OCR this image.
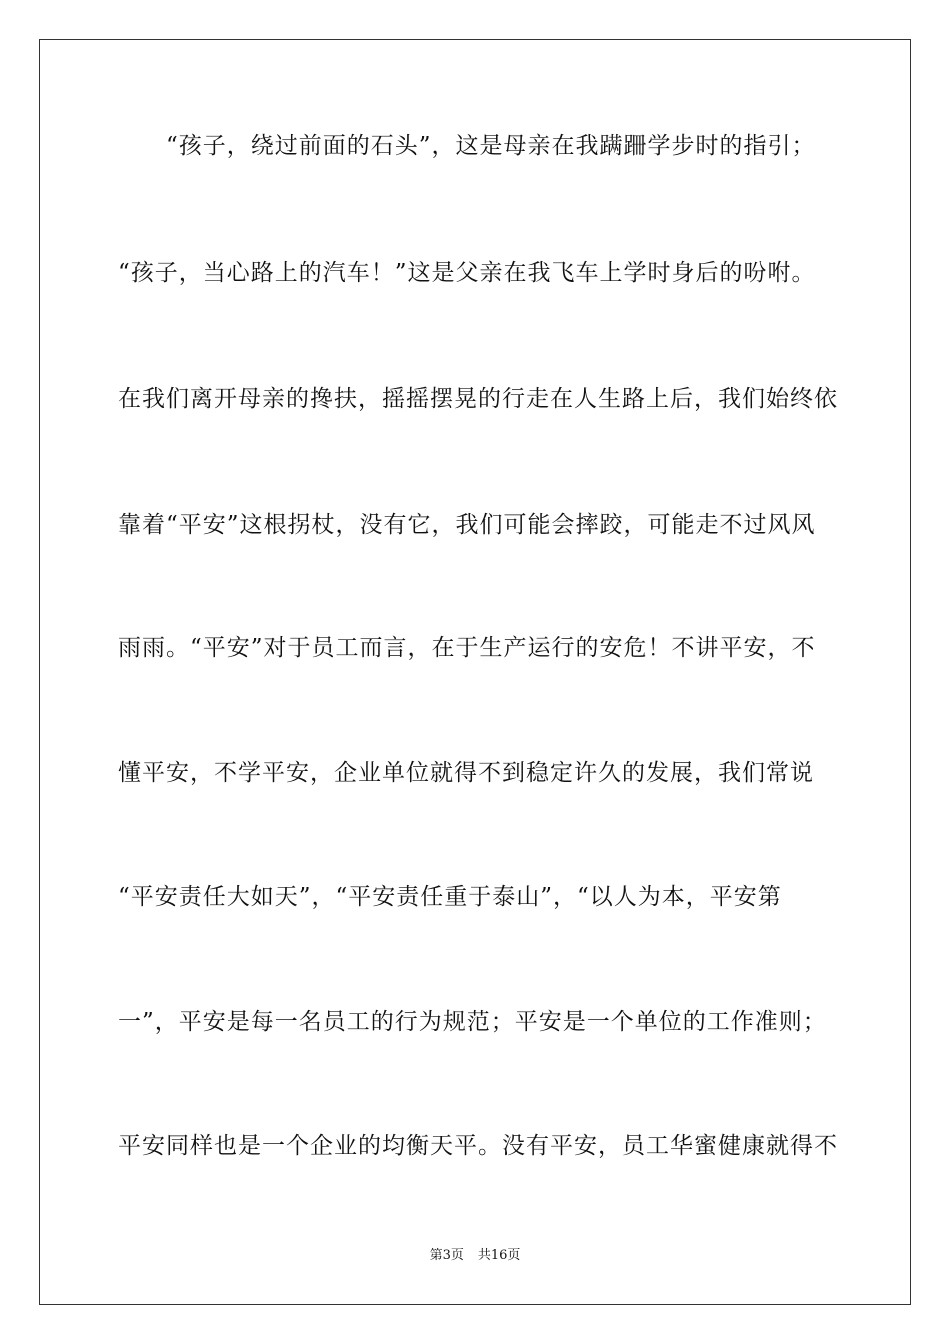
“孩子，绕过前面的石头”，这是母亲在我蹒跚学步时的指引；
“孩子，当心路上的汽车！”这是父亲在我飞车上学时身后的吩咐。
在我们离开母亲的搀扶，摇摇摆晃的行走在人生路上后，我们始终依
靠着“平安”这根拐杖，没有它，我们可能会摔跤，可能走不过风风
雨雨。“平安”对于员工而言，在于生产运行的安危！不讲平安，不
懂平安，不学平安，企业单位就得不到稳定许久的发展，我们常说
“平安责任大如天”，“平安责任重于泰山”，“以人为本，平安第
一”，平安是每一名员工的行为规范；平安是一个单位的工作准则；
平安同样也是一个企业的均衡天平。没有平安，员工华蜜健康就得不
第3页 共16页
